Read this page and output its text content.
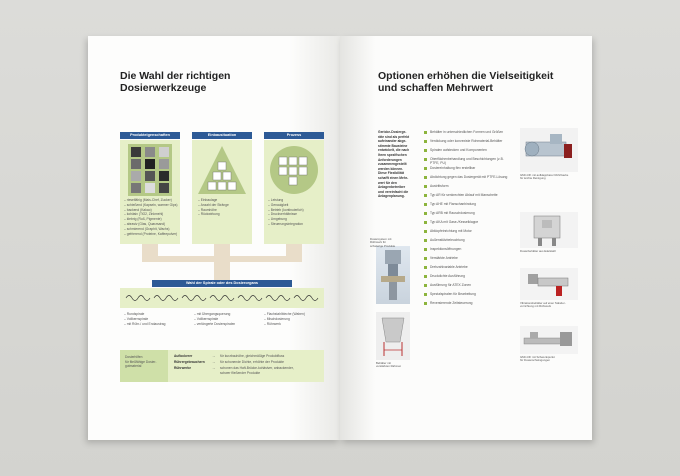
Die Wahl der richtigen
Dosierwerkzeuge
Produkteigenschaften	Einbausituation	Prozess
– rieselfähig (Mais-Chef, Zucker)
– schießend (Kapseln, warmer Gips)
– backend (Kakao)
– kohäsiv (TiO2, Zinkmehl)
– klebrig (Ruß, Pigmente)
– abrasiv (Glas, Quarzsand)
– schmierend (Graphit, Wachs)
– gefrierend (Proteine, Kaffeepulver)
– Einbaulage
– Anzahl der Stränge
– Raumhöhe
– Rückwirkung
– Leistung
– Genauigkeit
– Betrieb (kontinuierlich)
– Druckverhältnisse
– Umgebung
– Steuerungsintegration
Wahl der Spirale oder des Dosierorgans
– Rundspirale
– Vollkernspirale
– mit Rühr-/ und Endaustrag
– mit Übergangsquerung
– Vollkernspirale
– verlängerte Dosierspiralen
– Flachstahlbleche (Waben)
– Mischdosierung
– Rührwerk
Dosierhilfen
für fließfähige Dosier-
gutmaterial
Auflockerer	→ für kurzbauhöhe, gleichmäßige Produktfluss
Rührergebrauchern → für schonende Dichte, erhöhte der Produkte
Rührwerke	→ schonen das Haft-Brücke-kohäsiver, anbackender,
schwer fließender Produkte
Optionen erhöhen die Vielseitigkeit
und schaffen Mehrwert
Gericke-Dosierge-
räte sind als perfekt
aufeinander abge-
stimmte Bausteine
entwickelt, die nach
Ihren spezifischen
Anforderungen
zusammengestellt
werden können.
Diese Flexibilität
schafft einen Mehr-
wert für den
Anlagenbetreiber
und vereinfacht die
Anlagenplanung.
Dosiersystem mit
Rührwerk für
schwierige Produkte
Behälter mit
verstärkten Rahmen
Behälter in unterschiedlichen Formen und Größen
Verdickung oder konvexiste Rohmaterial-Behälter
Spiralen aufstecken und Komponenten
Oberflächenbehandlung und Beschichtungen (z.B. PTFE, PU)
Dosiereinhaltung flex erstellbar
Abdichtung gegen das Dosiergerät mit PTFE-Lösung
Austrittsform
Typ AR für senkrechten Ablauf mit Manschette
Typ AHE mit Flanschanbindung
Typ ARB mit Rauschdosierung
Typ AKA mit Gase-/Kesselklappe
Abklopfeinrichtung mit Motor
Außenstützbeleuchtung
Inspektionsöffnungen
Verstärkte Antriebe
Drehzahlvariable Antriebe
Druckdichte Ausführung
Ausführung für ATEX Zonen
Spezialspiralen für Bearbeitung
Reversierende Zeitsteuerung
GMC-DK mit aufklappbarer Rührhaube
für leichte Reinigung
Dosierbehälter aus Edelstahl
Vibrationsbehälter auf einer Ständer-
vorrichtung mit Rührwerk
GMC-DF mit Schwenkpunkt
für Dosierschwingungen
